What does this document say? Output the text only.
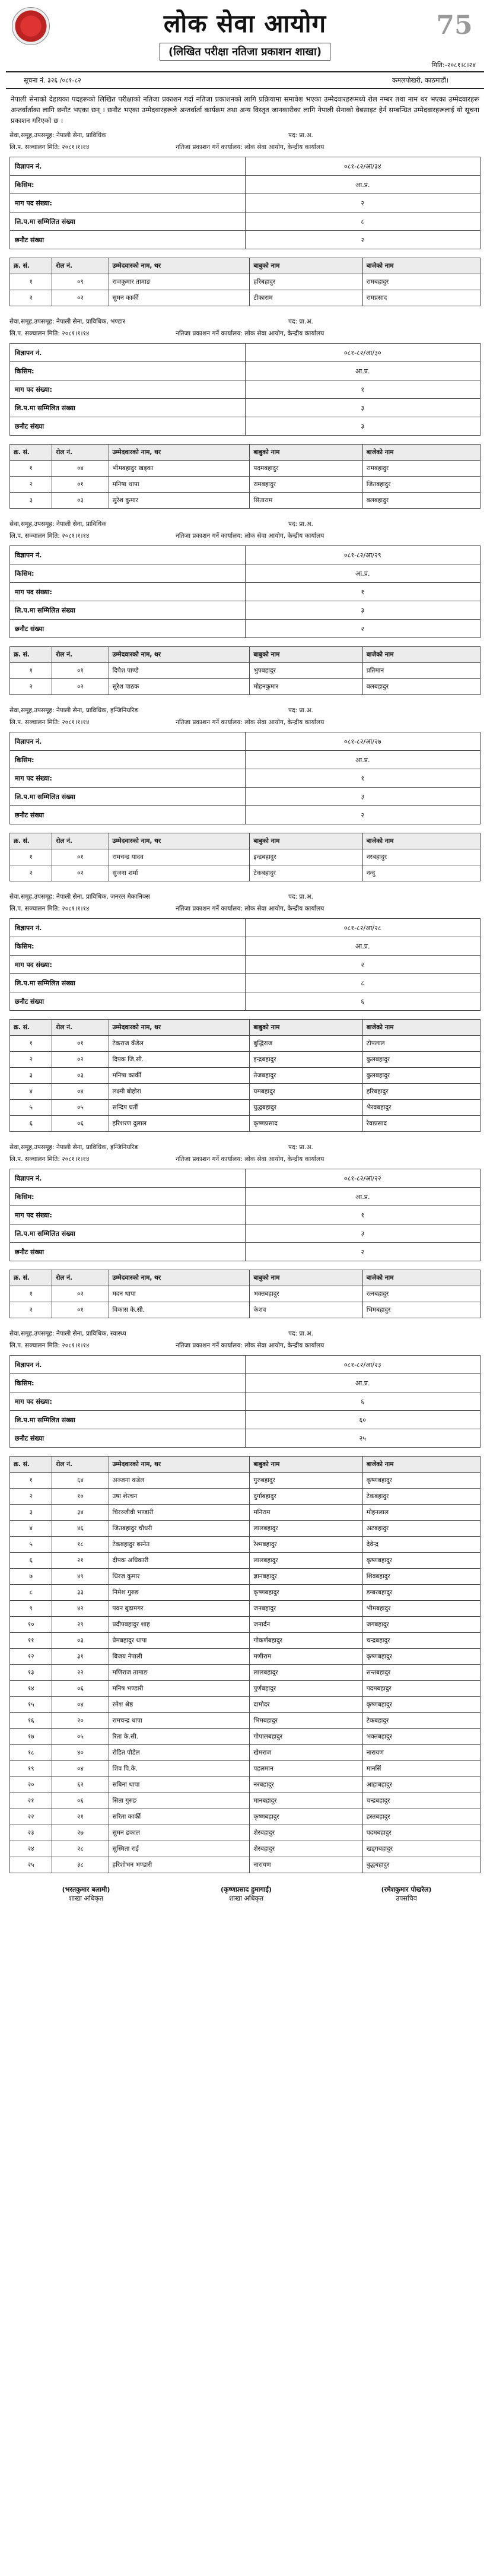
लोक सेवा आयोग	75
(लिखित परीक्षा नतिजा प्रकाशन शाखा)
मिति:-२०८१।८।२४
सूचना नं. ३२६ /०८१-८२	कमलपोखरी, काठमाडौं।

नेपाली सेनाको देहायका पदहरूको लिखित परीक्षाको नतिजा प्रकाशन गर्दा नतिजा प्रकाशनको लागि प्रक्रियामा समावेश भएका उम्मेदवारहरूमध्ये रोल नम्बर तथा नाम थर भएका उम्मेदवारहरू अन्तर्वार्ताका लागि छनौट भएका छन् । छनौट भएका उम्मेदवारहरूले अन्तर्वार्ता कार्यक्रम तथा अन्य विस्तृत जानकारीका लागि नेपाली सेनाको वेबसाइट हेर्न सम्बन्धित उम्मेदवारहरूलाई यो सूचना प्रकाशन गरिएको छ ।

सेवा,समूह,उपसमूह: नेपाली सेना, प्राविधिक	पद: प्रा.अ.
लि.प. सञ्चालन मिति: २०८१।१।१४	नतिजा प्रकाशन गर्ने कार्यालय: लोक सेवा आयोग, केन्द्रीय कार्यालय
विज्ञापन नं.	०८१-८२/आ/३४
किसिम:	आ.प्र.
माग पद संख्या:	२
लि.प.मा सम्मिलित संख्या	८
छनौट संख्या	२
क्र. सं.	रोल नं.	उम्मेदवारको नाम, थर	बाबुको नाम	बाजेको नाम
१	०९	राजकुमार तामाङ	हरिबहादुर	रामबहादुर
२	०२	सुमन कार्की	टीकाराम	रामप्रसाद
सेवा,समूह,उपसमूह: नेपाली सेना, प्राविधिक, भण्डार	पद: प्रा.अ.
लि.प. सञ्चालन मिति: २०८१।१।१४	नतिजा प्रकाशन गर्ने कार्यालय: लोक सेवा आयोग, केन्द्रीय कार्यालय
विज्ञापन नं.	०८१-८२/आ/३०
किसिम:	आ.प्र.
माग पद संख्या:	१
लि.प.मा सम्मिलित संख्या	३
छनौट संख्या	३
क्र. सं.	रोल नं.	उम्मेदवारको नाम, थर	बाबुको नाम	बाजेको नाम
१	०४	भीमबहादुर खड्का	पदमबहादुर	रामबहादुर
२	०१	मनिषा थापा	रामबहादुर	जितबहादुर
३	०३	सुरेश कुमार	सिताराम	बलबहादुर
सेवा,समूह,उपसमूह: नेपाली सेना, प्राविधिक	पद: प्रा.अ.
लि.प. सञ्चालन मिति: २०८१।१।१४	नतिजा प्रकाशन गर्ने कार्यालय: लोक सेवा आयोग, केन्द्रीय कार्यालय
विज्ञापन नं.	०८१-८२/आ/२९
किसिम:	आ.प्र.
माग पद संख्या:	१
लि.प.मा सम्मिलित संख्या	३
छनौट संख्या	२
क्र. सं.	रोल नं.	उम्मेदवारको नाम, थर	बाबुको नाम	बाजेको नाम
१	०१	दिपेश पाण्डे	भुपबहादुर	प्रतिमान
२	०२	सुरेश पाठक	मोहनकुमार	बलबहादुर
सेवा,समूह,उपसमूह: नेपाली सेना, प्राविधिक, इन्जिनियरिङ	पद: प्रा.अ.
लि.प. सञ्चालन मिति: २०८१।१।१४	नतिजा प्रकाशन गर्ने कार्यालय: लोक सेवा आयोग, केन्द्रीय कार्यालय
विज्ञापन नं.	०८१-८२/आ/२७
किसिम:	आ.प्र.
माग पद संख्या:	१
लि.प.मा सम्मिलित संख्या	३
छनौट संख्या	२
क्र. सं.	रोल नं.	उम्मेदवारको नाम, थर	बाबुको नाम	बाजेको नाम
१	०१	रामचन्द्र यादव	इन्द्रबहादुर	नरबहादुर
२	०२	सुजना शर्मा	टेकबहादुर	नन्दु
सेवा,समूह,उपसमूह: नेपाली सेना, प्राविधिक, जनरल मेकानिक्स	पद: प्रा.अ.
लि.प. सञ्चालन मिति: २०८१।१।१४	नतिजा प्रकाशन गर्ने कार्यालय: लोक सेवा आयोग, केन्द्रीय कार्यालय
विज्ञापन नं.	०८१-८२/आ/२८
किसिम:	आ.प्र.
माग पद संख्या:	२
लि.प.मा सम्मिलित संख्या	८
छनौट संख्या	६
क्र. सं.	रोल नं.	उम्मेदवारको नाम, थर	बाबुको नाम	बाजेको नाम
१	०१	टेकराज कँडेल	बुद्धिराज	टोपलाल
२	०२	दिपक जि.सी.	इन्द्रबहादुर	कुलबहादुर
३	०३	मनिषा कार्की	तेजबहादुर	कुलबहादुर
४	०४	लक्ष्मी बोहोरा	यमबहादुर	हरिबहादुर
५	०५	सन्दिप घर्ती	युद्धबहादुर	भैरवबहादुर
६	०६	हरिशरण दुलाल	कृष्णप्रसाद	रेवाप्रसाद
सेवा,समूह,उपसमूह: नेपाली सेना, प्राविधिक, इन्जिनियरिङ	पद: प्रा.अ.
लि.प. सञ्चालन मिति: २०८१।१।१४	नतिजा प्रकाशन गर्ने कार्यालय: लोक सेवा आयोग, केन्द्रीय कार्यालय
विज्ञापन नं.	०८१-८२/आ/२२
किसिम:	आ.प्र.
माग पद संख्या:	१
लि.प.मा सम्मिलित संख्या	३
छनौट संख्या	२
क्र. सं.	रोल नं.	उम्मेदवारको नाम, थर	बाबुको नाम	बाजेको नाम
१	०२	मदन थापा	भक्तबहादुर	रत्नबहादुर
२	०१	विकास के.सी.	केशव	भिमबहादुर
सेवा,समूह,उपसमूह: नेपाली सेना, प्राविधिक, स्वास्थ्य	पद: प्रा.अ.
लि.प. सञ्चालन मिति: २०८१।१।१४	नतिजा प्रकाशन गर्ने कार्यालय: लोक सेवा आयोग, केन्द्रीय कार्यालय
विज्ञापन नं.	०८१-८२/आ/२३
किसिम:	आ.प्र.
माग पद संख्या:	६
लि.प.मा सम्मिलित संख्या	६०
छनौट संख्या	२५
क्र. सं.	रोल नं.	उम्मेदवारको नाम, थर	बाबुको नाम	बाजेको नाम
१	६४	अञ्जना कडेल	गुरुबहादुर	कृष्णबहादुर
२	१०	उषा शेरचन	दुर्गाबहादुर	टेकबहादुर
३	३४	चिरञ्जीवी भण्डारी	मनिराम	मोहनलाल
४	४६	जितबहादुर चौधरी	लालबहादुर	अटबहादुर
५	१८	टेकबहादुर बस्नेत	रेश्मबहादुर	देवेन्द्र
६	२१	दीपक अधिकारी	लालबहादुर	कृष्णबहादुर
७	४९	धिरज कुमार	ज्ञानबहादुर	शिवबहादुर
८	३३	निमेश गुरुङ	कृष्णबहादुर	डम्बरबहादुर
९	४२	पवन बुढामगर	जनबहादुर	भीमबहादुर
१०	२९	प्रदीपबहादुर शाह	जनार्दन	जगबहादुर
११	०३	प्रेमबहादुर थापा	गोकर्णबहादुर	चन्द्रबहादुर
१२	३१	बिजय नेपाली	मणीराम	कृष्णबहादुर
१३	२२	मणिराज तामाङ	लालबहादुर	सन्तबहादुर
१४	०६	मनिष भण्डारी	पुर्णबहादुर	पदमबहादुर
१५	०४	रमेश श्रेष्ठ	दामोदर	कृष्णबहादुर
१६	२०	रामचन्द्र थापा	भिमबहादुर	टेकबहादुर
१७	०५	रिता के.सी.	गोपालबहादुर	भक्तबहादुर
१८	४०	रोहित पौडेल	खेमराज	नारायण
१९	०४	शिव पि.के.	पहलमान	मानसिं
२०	६२	सबिना थापा	नरबहादुर	आहाबहादुर
२१	०६	सिता गुरुङ	मानबहादुर	चन्द्रबहादुर
२२	२१	सरिता कार्की	कृष्णबहादुर	हस्तबहादुर
२३	२७	सुमन ढकाल	शेरबहादुर	पदमबहादुर
२४	२८	सुस्मिता राई	शेरबहादुर	खड्गबहादुर
२५	३८	हरिशोभन भण्डारी	नारायण	बुद्धबहादुर
(भरतकुमार बलामी)
शाखा अधिकृत
(कृष्णप्रसाद हुमागाईं)
शाखा अधिकृत
(रमेशकुमार पोखरेल)
उपसचिव
